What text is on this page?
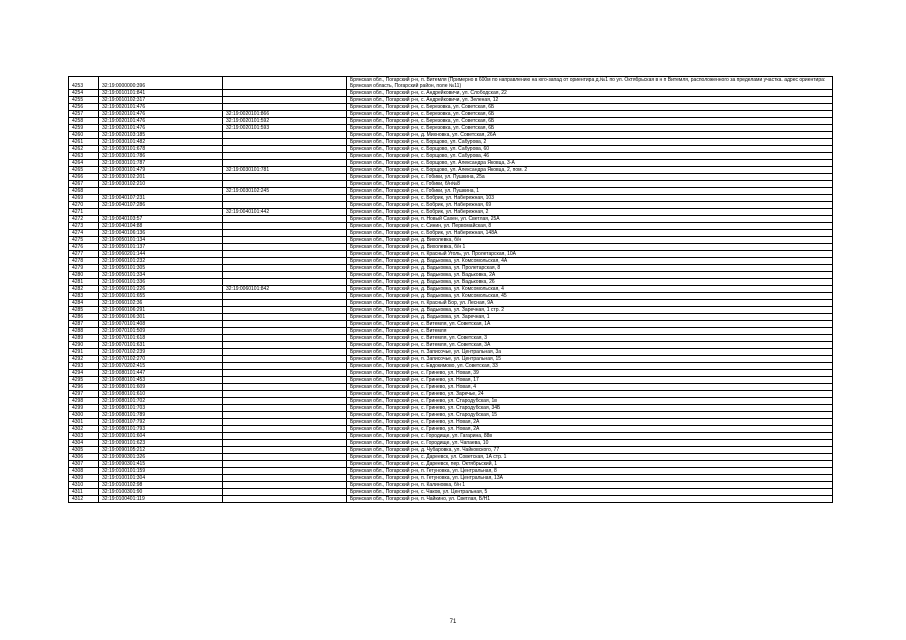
4253	32:19:0000000:396		Брянская обл., Погарский р-н, п. Витемля (Примерно в 600м по направлению на юго-запад от ориентира д.№1 по ул. Октябрьская в н п Витемля, расположенного за пределами участка. адрес ориентира: Брянская область, Погарский район, поле №11)
4254	32:19:0010101:841		Брянская обл., Погарский р-н, с. Андрейковичи, ул. Слободская, 22
4255	32:19:0010102:317		Брянская обл., Погарский р-н, с. Андрейковичи, ул. Зеленая, 12
4256	32:19:0020101:476		Брянская обл., Погарский р-н, с. Березовка, ул. Советская, 6Б
4257	32:19:0020101:476	32:19:0020101:866	Брянская обл., Погарский р-н, с. Березовка, ул. Советская, 6Б
4258	32:19:0020101:476	32:19:0020101:592	Брянская обл., Погарский р-н, с. Березовка, ул. Советская, 6Б
4259	32:19:0020101:476	32:19:0020101:593	Брянская обл., Погарский р-н, с. Березовка, ул. Советская, 6Б
4260	32:19:0020103:185		Брянская обл., Погарский р-н, д. Михновка, ул. Советская, 26А
4261	32:19:0030101:482		Брянская обл., Погарский р-н, с. Борщово, ул. Сабурова, 2
4262	32:19:0030101:678		Брянская обл., Погарский р-н, с. Борщово, ул. Сабурова, 60
4263	32:19:0030101:786		Брянская обл., Погарский р-н, с. Борщово, ул. Сабурова, 46
4264	32:19:0030101:787		Брянская обл., Погарский р-н, с. Борщово, ул. Александра Яковца, 3-А
4265	32:19:0030101:479	32:19:0030101:781	Брянская обл., Погарский р-н, с. Борщово, ул. Александра Яковца, 2, пом. 2
4266	32:19:0030102:201		Брянская обл., Погарский р-н, с. Гобики, ул. Пушкина, 25а
4267	32:19:0030102:210		Брянская обл., Погарский р-н, с. Гобики, б/н№8
4268		32:19:0030102:245	Брянская обл., Погарский р-н, с. Гобики, ул. Пушкина, 1
4269	32:19:0040107:231		Брянская обл., Погарский р-н, с. Бобрик, ул. Набережная, 103
4270	32:19:0040107:286		Брянская обл., Погарский р-н, с. Бобрик, ул. Набережная, 69
4271		32:19:0040101:442	Брянская обл., Погарский р-н, с. Бобрик, ул. Набережная, 2
4272	32:19:0040103:57		Брянская обл., Погарский р-н, п. Новый Сахен, ул. Светлая, 25А
4273	32:19:0040104:88		Брянская обл., Погарский р-н, с. Синин, ул. Первомайская, 8
4274	32:19:0040106:136		Брянская обл., Погарский р-н, с. Бобрик, ул. Набережная, 148А
4275	32:19:0050101:134		Брянская обл., Погарский р-н, д. Вихолевка, б/н
4276	32:19:0050101:137		Брянская обл., Погарский р-н, д. Вихолевка, б/н 1
4277	32:19:0060201:144		Брянская обл., Погарский р-н, п. Красный Уголь, ул. Пролетарская, 10А
4278	32:19:0060101:232		Брянская обл., Погарский р-н, д. Вадьковка, ул. Комсомольская, 4А
4279	32:19:0050101:305		Брянская обл., Погарский р-н, д. Вадьковка, ул. Пролетарская, 8
4280	32:19:0050101:334		Брянская обл., Погарский р-н, д. Вадьковка, ул. Вадьковка, 2А
4281	32:19:0060101:336		Брянская обл., Погарский р-н, д. Вадьковка, ул. Вадьковка, 26
4282	32:19:0060101:226	32:19:0060101:842	Брянская обл., Погарский р-н, д. Вадьковка, ул. Комсомольская, 4
4283	32:19:0060101:655		Брянская обл., Погарский р-н, д. Вадьковка, ул. Комсомольская, 45
4284	32:19:0060102:36		Брянская обл., Погарский р-н, п. Красный Бор, ул. Лесная, 9А
4285	32:19:0060106:291		Брянская обл., Погарский р-н, д. Вадьковка, ул. Заречная, 1 стр. 2
4286	32:19:0060106:301		Брянская обл., Погарский р-н, д. Вадьковка, ул. Заречная, 1
4287	32:19:0070101:408		Брянская обл., Погарский р-н, с. Витемля, ул. Советская, 1А
4288	32:19:0070101:509		Брянская обл., Погарский р-н, с. Витемля
4289	32:19:0070101:618		Брянская обл., Погарский р-н, с. Витемля, ул. Советская, 3
4290	32:19:0070101:631		Брянская обл., Погарский р-н, с. Витемля, ул. Советская, 3А
4291	32:19:0070102:239		Брянская обл., Погарский р-н, п. Записочье, ул. Центральная, 3а
4292	32:19:0070102:270		Брянская обл., Погарский р-н, п. Записочье, ул. Центральная, 15
4293	32:19:0070202:415		Брянская обл., Погарский р-н, с. Евдокимово, ул. Советская, 33
4294	32:19:0080101:447		Брянская обл., Погарский р-н, с. Гринево, ул. Новая, 39
4295	32:19:0080101:453		Брянская обл., Погарский р-н, с. Гринево, ул. Новая, 17
4296	32:19:0080101:609		Брянская обл., Погарский р-н, с. Гринево, ул. Новая, 4
4297	32:19:0080101:610		Брянская обл., Погарский р-н, с. Гринево, ул. Заречье, 24
4298	32:19:0080101:702		Брянская обл., Погарский р-н, с. Гринево, ул. Стародубская, 1в
4299	32:19:0080101:703		Брянская обл., Погарский р-н, с. Гринево, ул. Стародубская, 34Б
4300	32:19:0080101:789		Брянская обл., Погарский р-н, с. Гринево, ул. Стародубская, 15
4301	32:19:0080107:792		Брянская обл., Погарский р-н, с. Гринево, ул. Новая, 2А
4302	32:19:0080101:793		Брянская обл., Погарский р-н, с. Гринево, ул. Новая, 2А
4303	32:19:0090101:604		Брянская обл., Погарский р-н, с. Городище, ул. Гагарина, 88в
4304	32:19:0090101:623		Брянская обл., Погарский р-н, с. Городище, ул. Чапаева, 10
4305	32:19:0090105:212		Брянская обл., Погарский р-н, д. Чубаровка, ул. Чайковского, 77
4306	32:19:0090301:326		Брянская обл., Погарский р-н, с. Дареевск, ул. Советская, 1А стр. 1
4307	32:19:0090301:415		Брянская обл., Погарский р-н, с. Дареевск, пер. Октябрьский, 1
4308	32:19:0100101:159		Брянская обл., Погарский р-н, п. Гетуновка, ул. Центральная, 8
4309	32:19:0100101:304		Брянская обл., Погарский р-н, п. Гетуновка, ул. Центральная, 13А
4310	32:19:0100102:98		Брянская обл., Погарский р-н, п. Калиновка, б/н 1
4311	32:19:0100301:90		Брянская обл., Погарский р-н, с. Чаков, ул. Центральная, 5
4312	32:19:0100401:119		Брянская обл., Погарский р-н, п. Чайкино, ул. Светлая, Б/Н1
71
